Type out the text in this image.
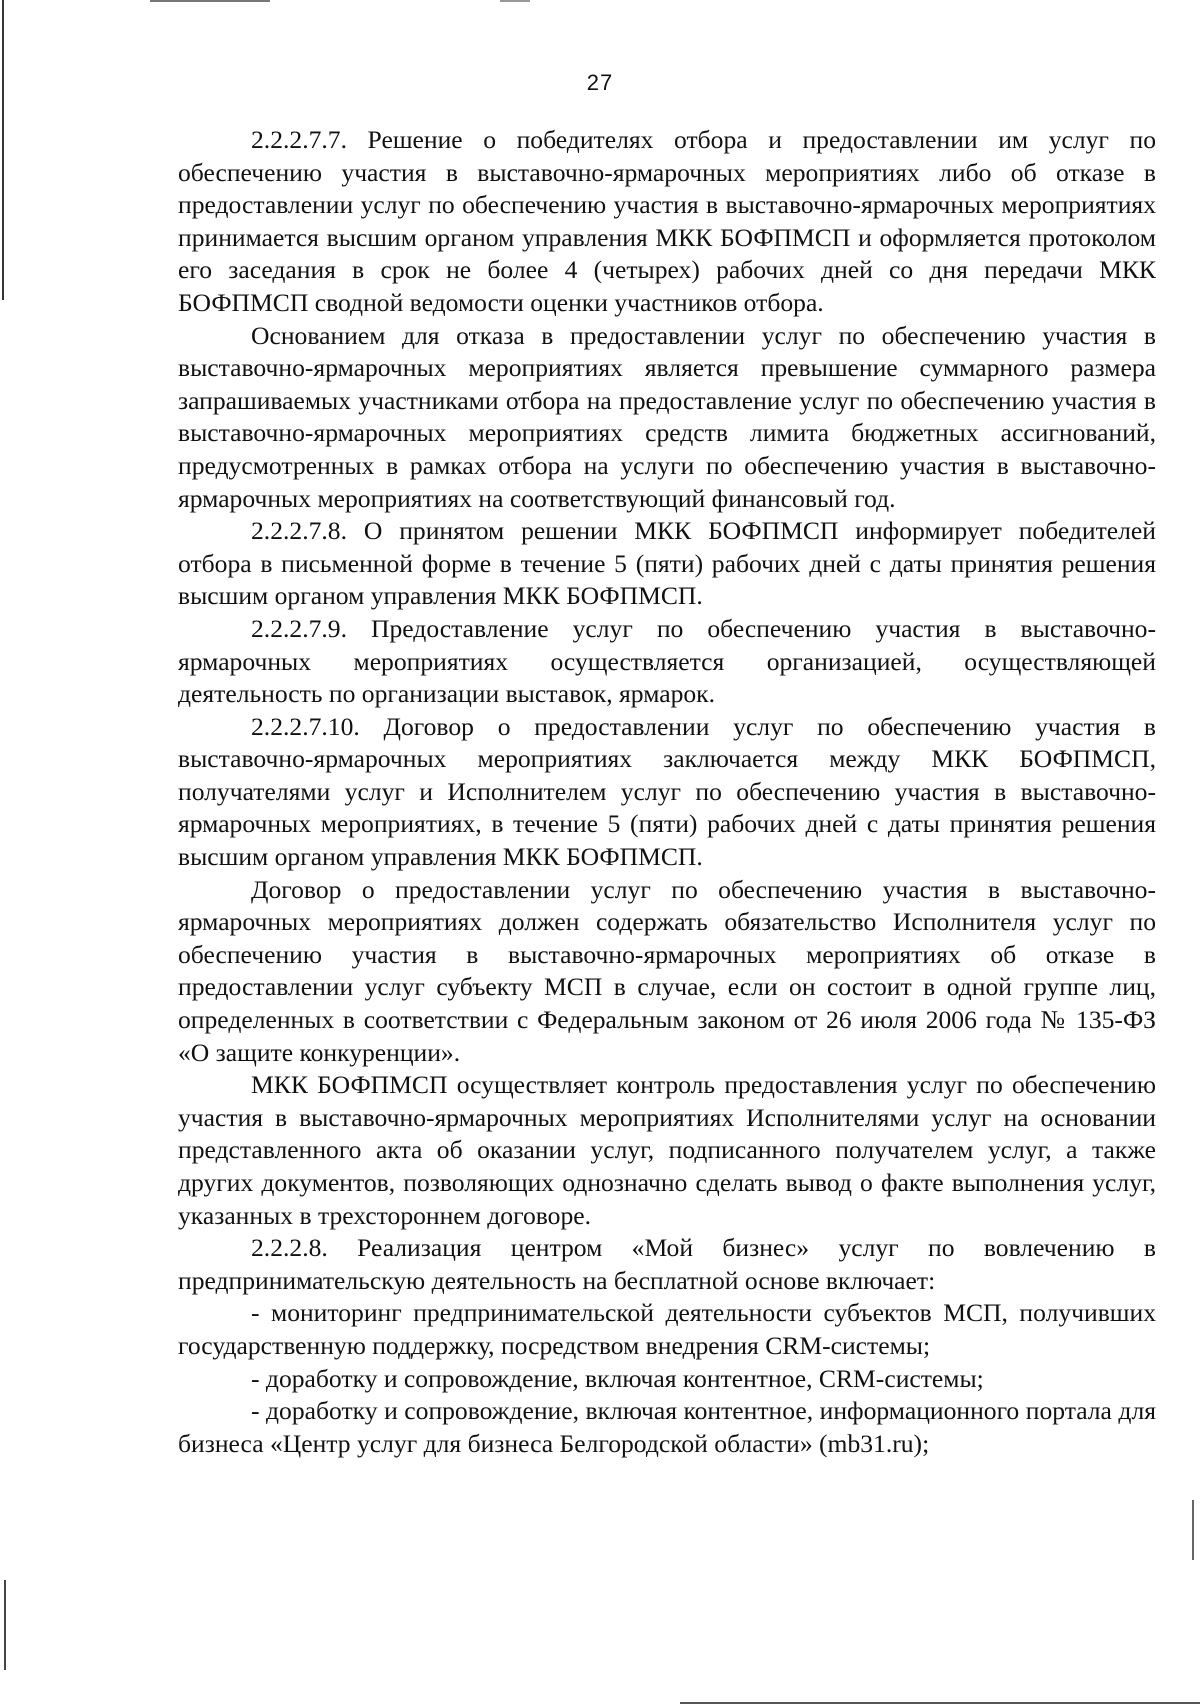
27

2.2.2.7.7. Решение о победителях отбора и предоставлении им услуг по обеспечению участия в выставочно-ярмарочных мероприятиях либо об отказе в предоставлении услуг по обеспечению участия в выставочно-ярмарочных мероприятиях принимается высшим органом управления МКК БОФПМСП и оформляется протоколом его заседания в срок не более 4 (четырех) рабочих дней со дня передачи МКК БОФПМСП сводной ведомости оценки участников отбора.

Основанием для отказа в предоставлении услуг по обеспечению участия в выставочно-ярмарочных мероприятиях является превышение суммарного размера запрашиваемых участниками отбора на предоставление услуг по обеспечению участия в выставочно-ярмарочных мероприятиях средств лимита бюджетных ассигнований, предусмотренных в рамках отбора на услуги по обеспечению участия в выставочно-ярмарочных мероприятиях на соответствующий финансовый год.

2.2.2.7.8. О принятом решении МКК БОФПМСП информирует победителей отбора в письменной форме в течение 5 (пяти) рабочих дней с даты принятия решения высшим органом управления МКК БОФПМСП.

2.2.2.7.9. Предоставление услуг по обеспечению участия в выставочно-ярмарочных мероприятиях осуществляется организацией, осуществляющей деятельность по организации выставок, ярмарок.

2.2.2.7.10. Договор о предоставлении услуг по обеспечению участия в выставочно-ярмарочных мероприятиях заключается между МКК БОФПМСП, получателями услуг и Исполнителем услуг по обеспечению участия в выставочно-ярмарочных мероприятиях, в течение 5 (пяти) рабочих дней с даты принятия решения высшим органом управления МКК БОФПМСП.

Договор о предоставлении услуг по обеспечению участия в выставочно-ярмарочных мероприятиях должен содержать обязательство Исполнителя услуг по обеспечению участия в выставочно-ярмарочных мероприятиях об отказе в предоставлении услуг субъекту МСП в случае, если он состоит в одной группе лиц, определенных в соответствии с Федеральным законом от 26 июля 2006 года № 135-ФЗ «О защите конкуренции».

МКК БОФПМСП осуществляет контроль предоставления услуг по обеспечению участия в выставочно-ярмарочных мероприятиях Исполнителями услуг на основании представленного акта об оказании услуг, подписанного получателем услуг, а также других документов, позволяющих однозначно сделать вывод о факте выполнения услуг, указанных в трехстороннем договоре.

2.2.2.8. Реализация центром «Мой бизнес» услуг по вовлечению в предпринимательскую деятельность на бесплатной основе включает:

- мониторинг предпринимательской деятельности субъектов МСП, получивших государственную поддержку, посредством внедрения CRM-системы;

- доработку и сопровождение, включая контентное, CRM-системы;

- доработку и сопровождение, включая контентное, информационного портала для бизнеса «Центр услуг для бизнеса Белгородской области» (mb31.ru);
